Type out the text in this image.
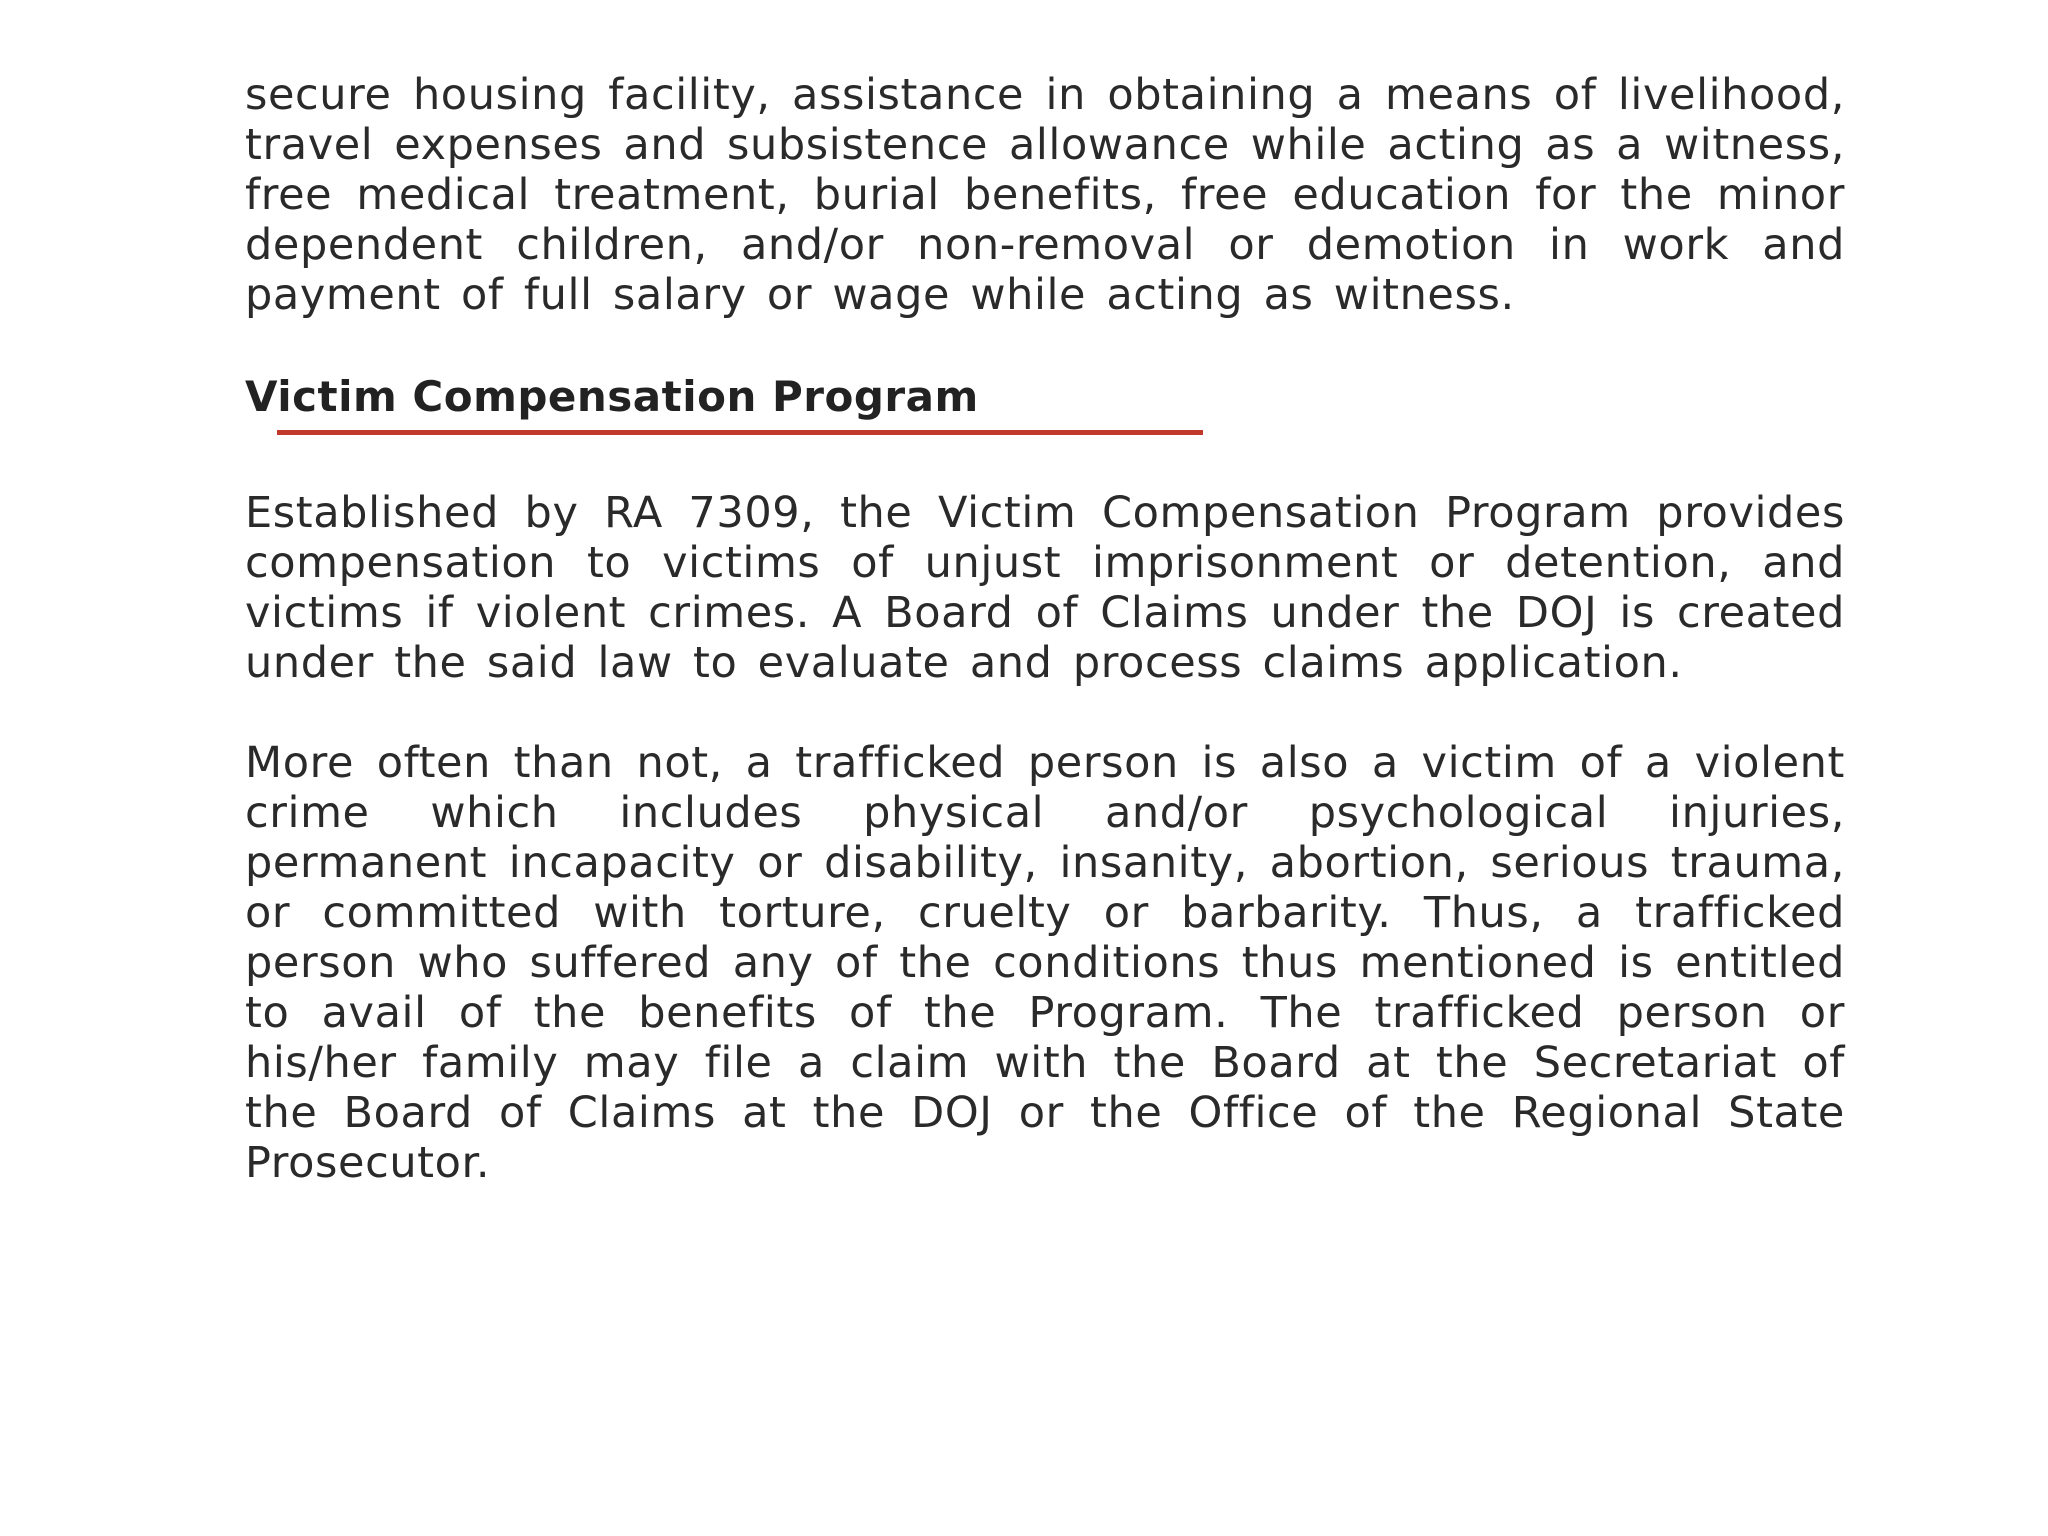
secure housing facility, assistance in obtaining a means of livelihood, travel expenses and subsistence allowance while acting as a witness, free medical treatment, burial benefits, free education for the minor dependent children, and/or non-removal or demotion in work and payment of full salary or wage while acting as witness.

Victim Compensation Program

Established by RA 7309, the Victim Compensation Program provides compensation to victims of unjust imprisonment or detention, and victims if violent crimes. A Board of Claims under the DOJ is created under the said law to evaluate and process claims application.

More often than not, a trafficked person is also a victim of a violent crime which includes physical and/or psychological injuries, permanent incapacity or disability, insanity, abortion, serious trauma, or committed with torture, cruelty or barbarity. Thus, a trafficked person who suffered any of the conditions thus mentioned is entitled to avail of the benefits of the Program. The trafficked person or his/her family may file a claim with the Board at the Secretariat of the Board of Claims at the DOJ or the Office of the Regional State Prosecutor.
